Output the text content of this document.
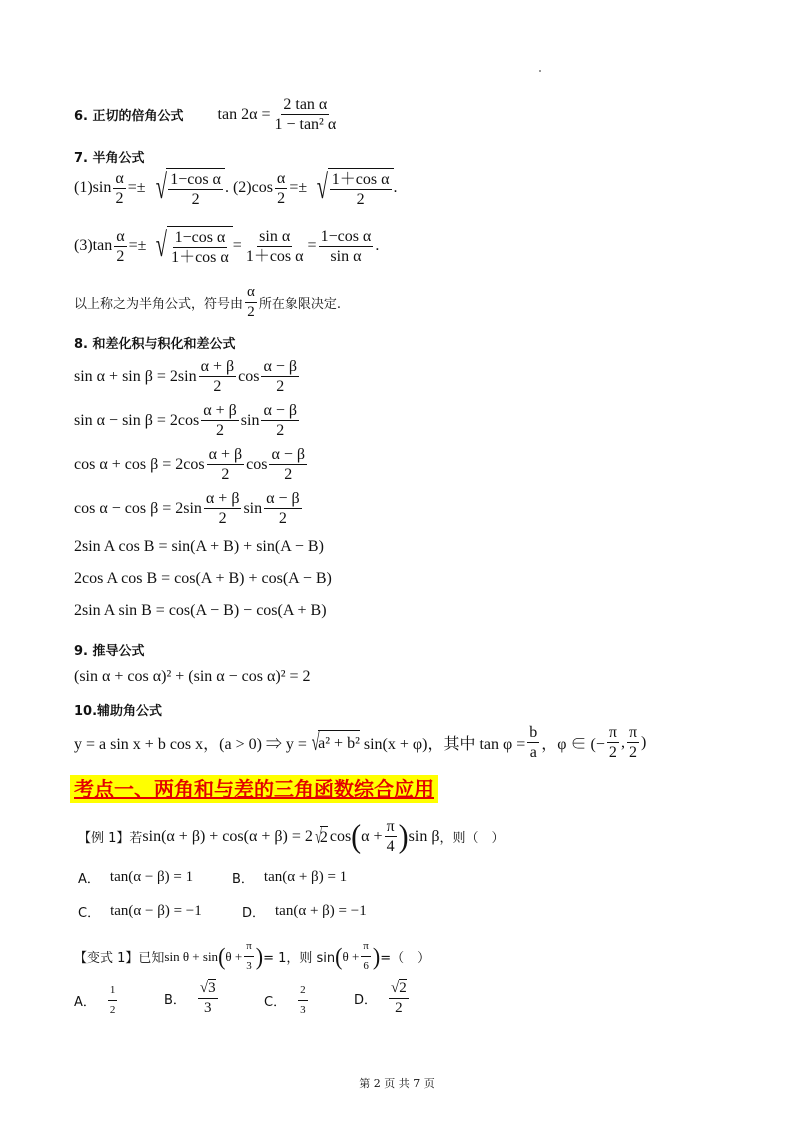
6. 正切的倍角公式 $\tan 2\alpha = \frac{\text{2 tan α}}{\text{1 − tan² α}}$
7. 半角公式
$(1)\sin \frac{\alpha}{2}$ =± √ 1−cos α
2
. $(2)\cos \frac{\alpha}{2}$ =± √ 1＋cos α
2
.
$(3)\tan \frac{\alpha}{2}$ =± √ 1−cos α
1＋cos α
= $\frac{\text{sin α}}{\text{1＋cos α}} = \frac{\text{1−cos α}}{\text{sin α}}$ .
以上称之为半角公式，符号由
α
2 所在象限决定.
8. 和差化积与积化和差公式
sin α + sin β = 2sin
α + β
2
cos
α − β
2
sin α − sin β = 2cos
α + β
2
sin
α − β
2
cos α + cos β = 2cos
α + β
2
cos
α − β
2
cos α − cos β = 2sin
α + β
2
sin
α − β
2
2sin A cos B = sin(A + B) + sin(A − B)
2cos A cos B = cos(A + B) + cos(A − B)
2sin A sin B = cos(A − B) − cos(A + B)
9. 推导公式
(sin α + cos α)² + (sin α − cos α)² = 2
10.辅助角公式
y = a sin x + b cos x，(a > 0) ⇒ y = √
a² + b² sin(x + φ)，其中 $\tan \varphi = \frac{b}{a}$ ，φ ∈ (− $\frac{\pi}{2}$ ,
π
2
)
考点一、两角和与差的三角函数综合应用
【例 1】若 sin(α + β) + cos(α + β) = 2 √
2 cos ( $\alpha + \frac{\pi}{4}$ ) sin β ，则（　）
A． tan(α − β) = 1	B． tan(α + β) = 1
C． tan(α − β) = −1	D． tan(α + β) = −1
【变式 1】已知 sin θ + sin ( $\theta + \frac{\pi}{3}$ ) = 1，则 sin ( $\theta + \frac{\pi}{6}$ ) =（　）
A．
1
2
B．
√3
3	C．
2
3
D．
√2
2
第 2 页 共 7 页
